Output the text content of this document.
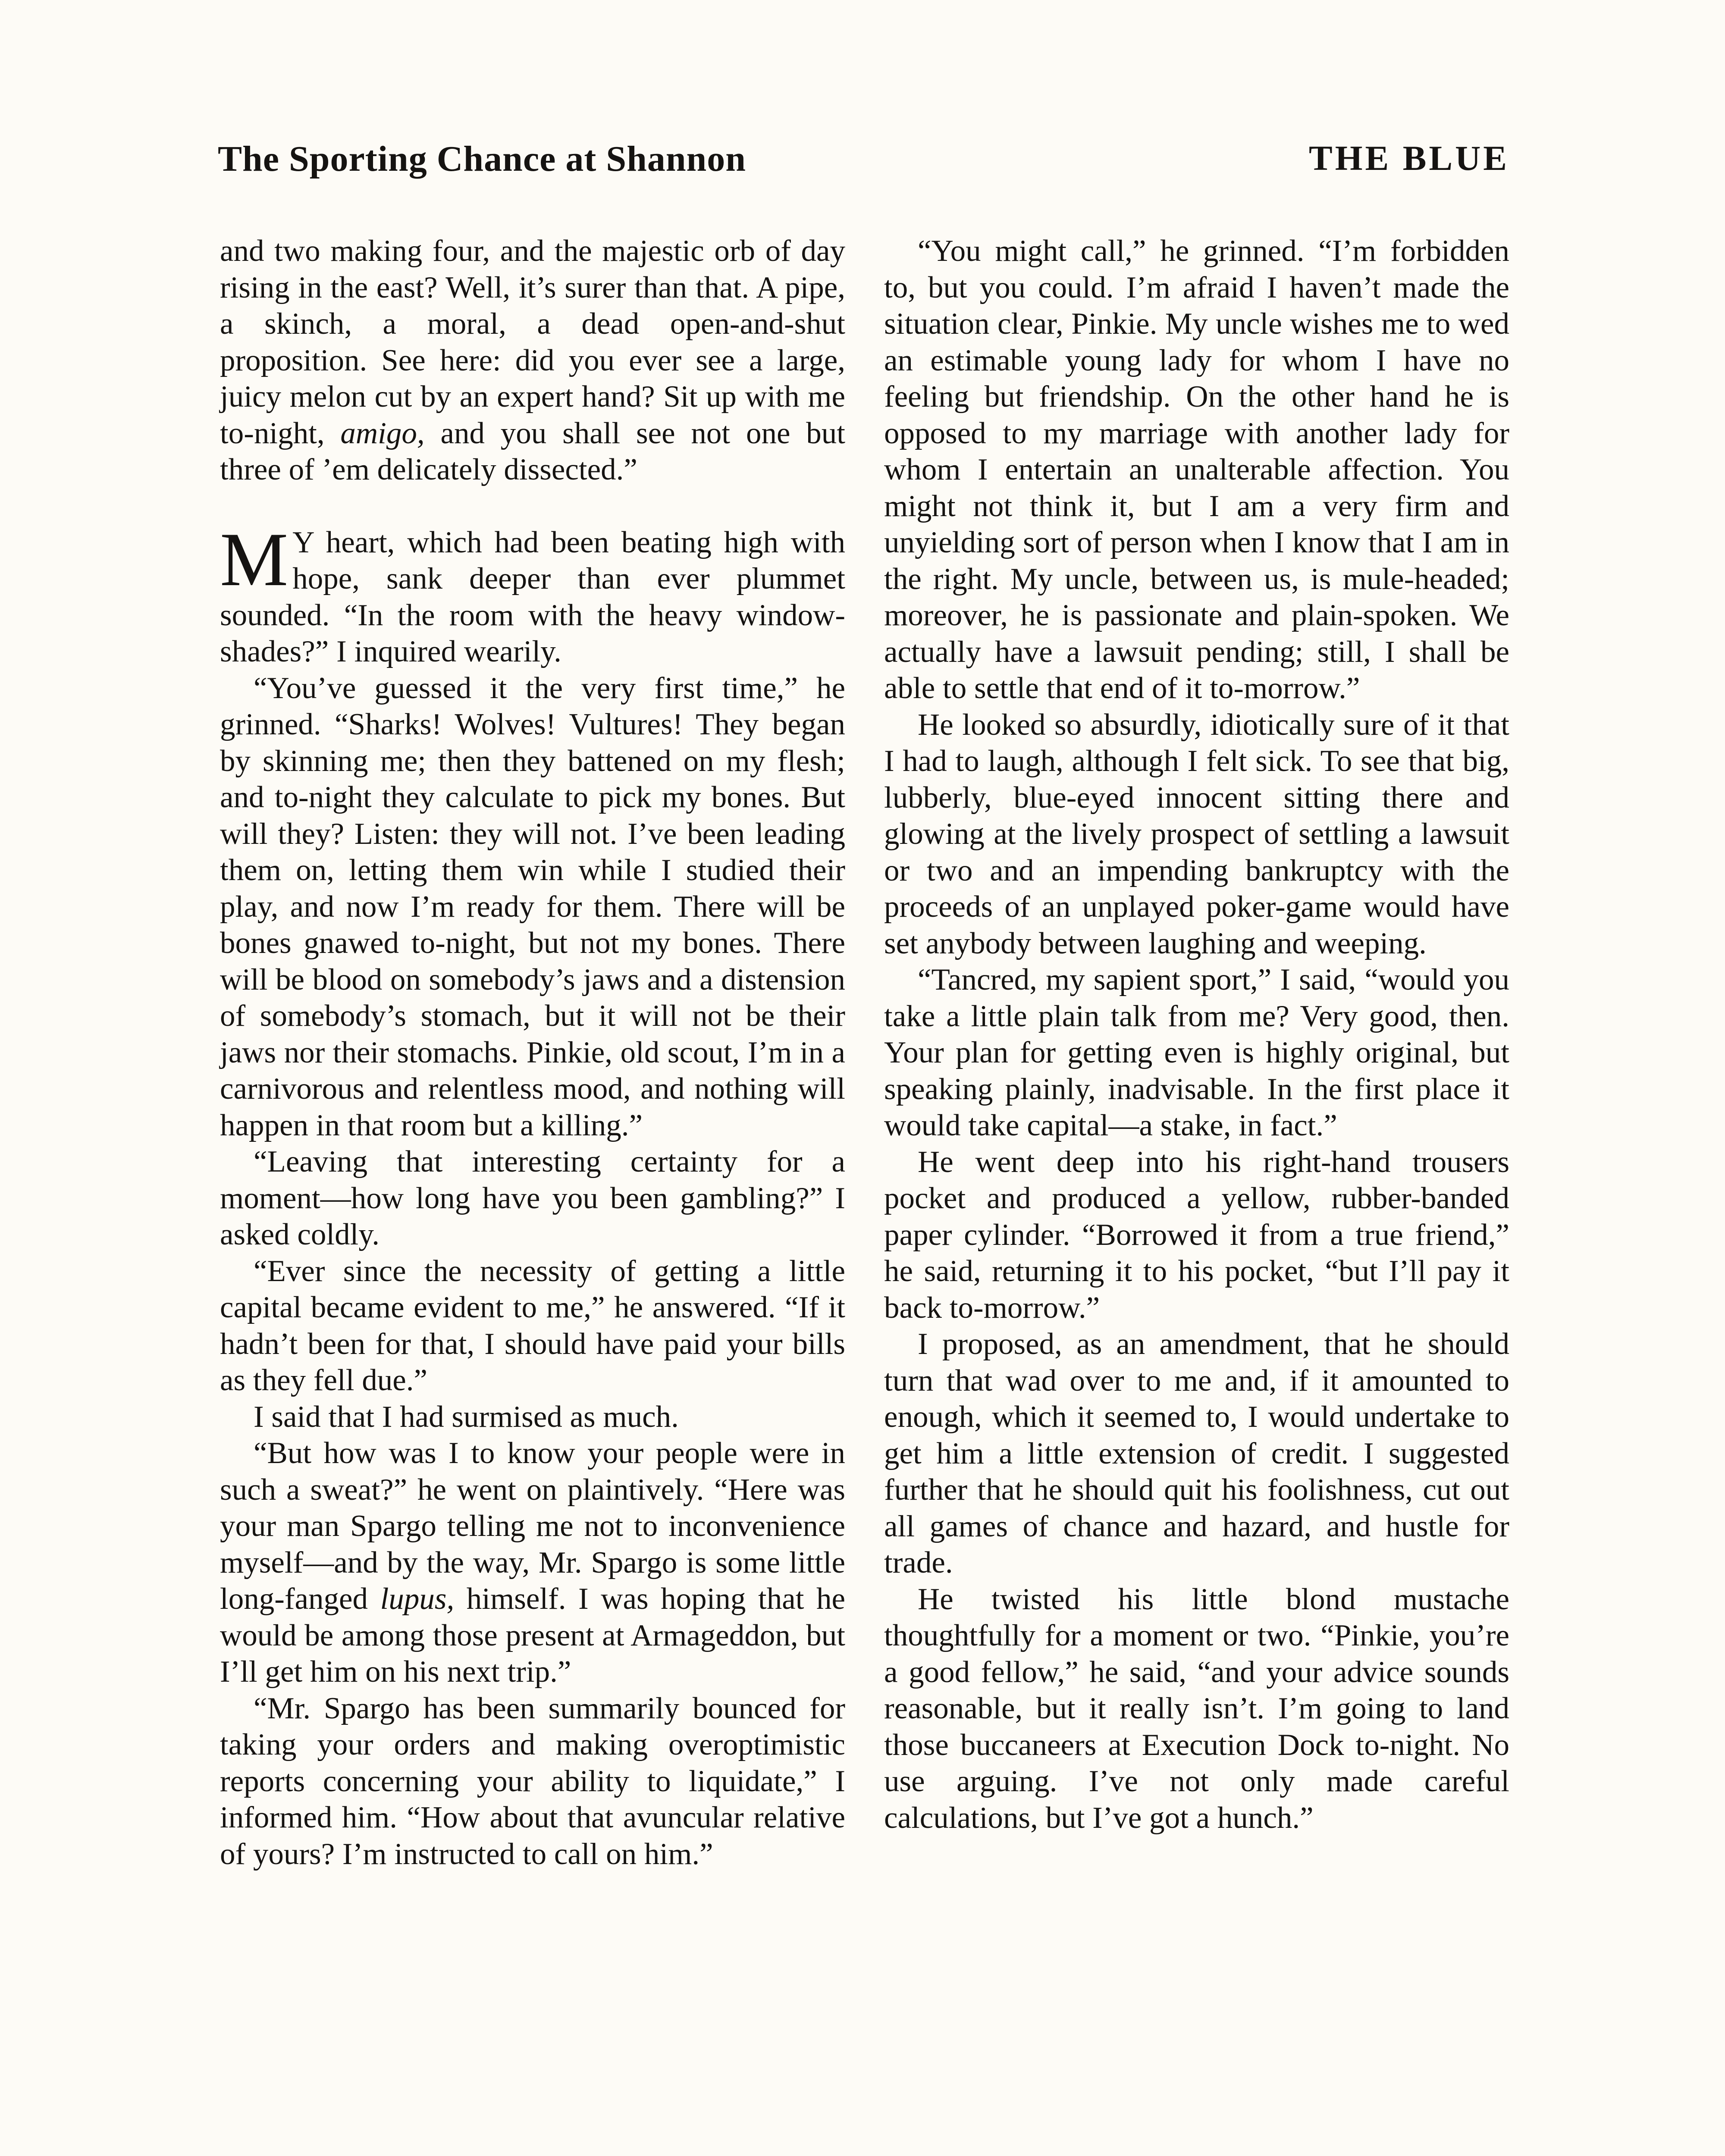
The Sporting Chance at Shannon	THE BLUE

and two making four, and the majestic orb of day rising in the east? Well, it’s surer than that. A pipe, a skinch, a moral, a dead open-and-shut proposition. See here: did you ever see a large, juicy melon cut by an expert hand? Sit up with me to-night, amigo, and you shall see not one but three of ’em delicately dissected.”

M Y heart, which had been beating high with hope, sank deeper than ever plummet sounded. “In the room with the heavy window-shades?” I inquired wearily.

“You’ve guessed it the very first time,” he grinned. “Sharks! Wolves! Vultures! They began by skinning me; then they battened on my flesh; and to-night they calculate to pick my bones. But will they? Listen: they will not. I’ve been leading them on, letting them win while I studied their play, and now I’m ready for them. There will be bones gnawed to-night, but not my bones. There will be blood on somebody’s jaws and a distension of somebody’s stomach, but it will not be their jaws nor their stomachs. Pinkie, old scout, I’m in a carnivorous and relentless mood, and nothing will happen in that room but a killing.”

“Leaving that interesting certainty for a moment—how long have you been gambling?” I asked coldly.

“Ever since the necessity of getting a little capital became evident to me,” he answered. “If it hadn’t been for that, I should have paid your bills as they fell due.”

I said that I had surmised as much.

“But how was I to know your people were in such a sweat?” he went on plaintively. “Here was your man Spargo telling me not to inconvenience myself—and by the way, Mr. Spargo is some little long-fanged lupus, himself. I was hoping that he would be among those present at Armageddon, but I’ll get him on his next trip.”

“Mr. Spargo has been summarily bounced for taking your orders and making overoptimistic reports concerning your ability to liquidate,” I informed him. “How about that avuncular relative of yours? I’m instructed to call on him.”

“You might call,” he grinned. “I’m forbidden to, but you could. I’m afraid I haven’t made the situation clear, Pinkie. My uncle wishes me to wed an estimable young lady for whom I have no feeling but friendship. On the other hand he is opposed to my marriage with another lady for whom I entertain an unalterable affection. You might not think it, but I am a very firm and unyielding sort of person when I know that I am in the right. My uncle, between us, is mule-headed; moreover, he is passionate and plain-spoken. We actually have a lawsuit pending; still, I shall be able to settle that end of it to-morrow.”

He looked so absurdly, idiotically sure of it that I had to laugh, although I felt sick. To see that big, lubberly, blue-eyed innocent sitting there and glowing at the lively prospect of settling a lawsuit or two and an impending bankruptcy with the proceeds of an unplayed poker-game would have set anybody between laughing and weeping.

“Tancred, my sapient sport,” I said, “would you take a little plain talk from me? Very good, then. Your plan for getting even is highly original, but speaking plainly, inadvisable. In the first place it would take capital—a stake, in fact.”

He went deep into his right-hand trousers pocket and produced a yellow, rubber-banded paper cylinder. “Borrowed it from a true friend,” he said, returning it to his pocket, “but I’ll pay it back to-morrow.”

I proposed, as an amendment, that he should turn that wad over to me and, if it amounted to enough, which it seemed to, I would undertake to get him a little extension of credit. I suggested further that he should quit his foolishness, cut out all games of chance and hazard, and hustle for trade.

He twisted his little blond mustache thoughtfully for a moment or two. “Pinkie, you’re a good fellow,” he said, “and your advice sounds reasonable, but it really isn’t. I’m going to land those buccaneers at Execution Dock to-night. No use arguing. I’ve not only made careful calculations, but I’ve got a hunch.”
